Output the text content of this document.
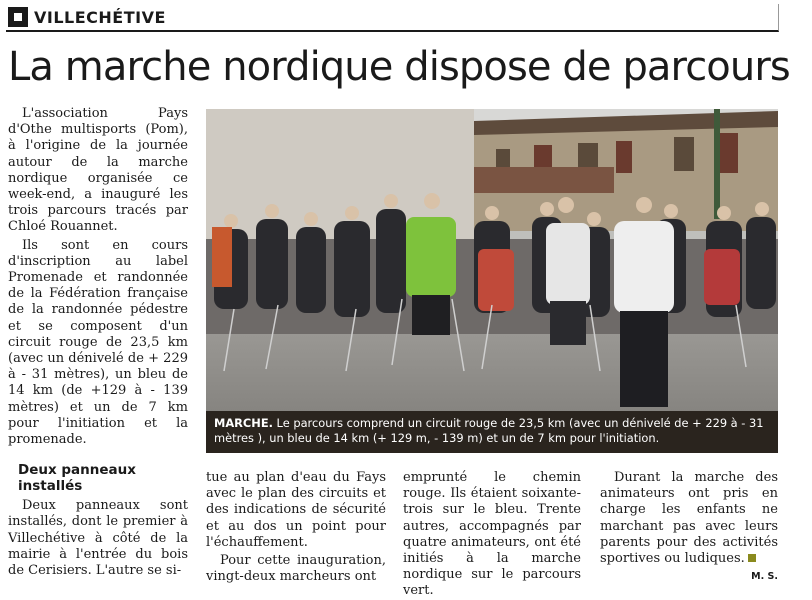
VILLECHÉTIVE
La marche nordique dispose de parcours

L'association Pays d'Othe multisports (Pom), à l'origine de la journée autour de la marche nordique organisée ce week-end, a inauguré les trois parcours tracés par Chloé Rouannet.

Ils sont en cours d'inscription au label Promenade et randonnée de la Fédération française de la randonnée pédestre et se composent d'un circuit rouge de 23,5 km (avec un dénivelé de + 229 à - 31 mètres), un bleu de 14 km (de +129 à - 139 mètres) et un de 7 km pour l'initiation et la promenade.

Deux panneaux installés

Deux panneaux sont installés, dont le premier à Villechétive à côté de la mairie à l'entrée du bois de Cerisiers. L'autre se si-

MARCHE. Le parcours comprend un circuit rouge de 23,5 km (avec un dénivelé de + 229 à - 31 mètres ), un bleu de 14 km (+ 129 m, - 139 m) et un de 7 km pour l'initiation.

tue au plan d'eau du Fays avec le plan des circuits et des indications de sécurité et au dos un point pour l'échauffement.

Pour cette inauguration, vingt-deux marcheurs ont

emprunté le chemin rouge. Ils étaient soixante-trois sur le bleu. Trente autres, accompagnés par quatre animateurs, ont été initiés à la marche nordique sur le parcours vert.

Durant la marche des animateurs ont pris en charge les enfants ne marchant pas avec leurs parents pour des activités sportives ou ludiques.

M. S.
